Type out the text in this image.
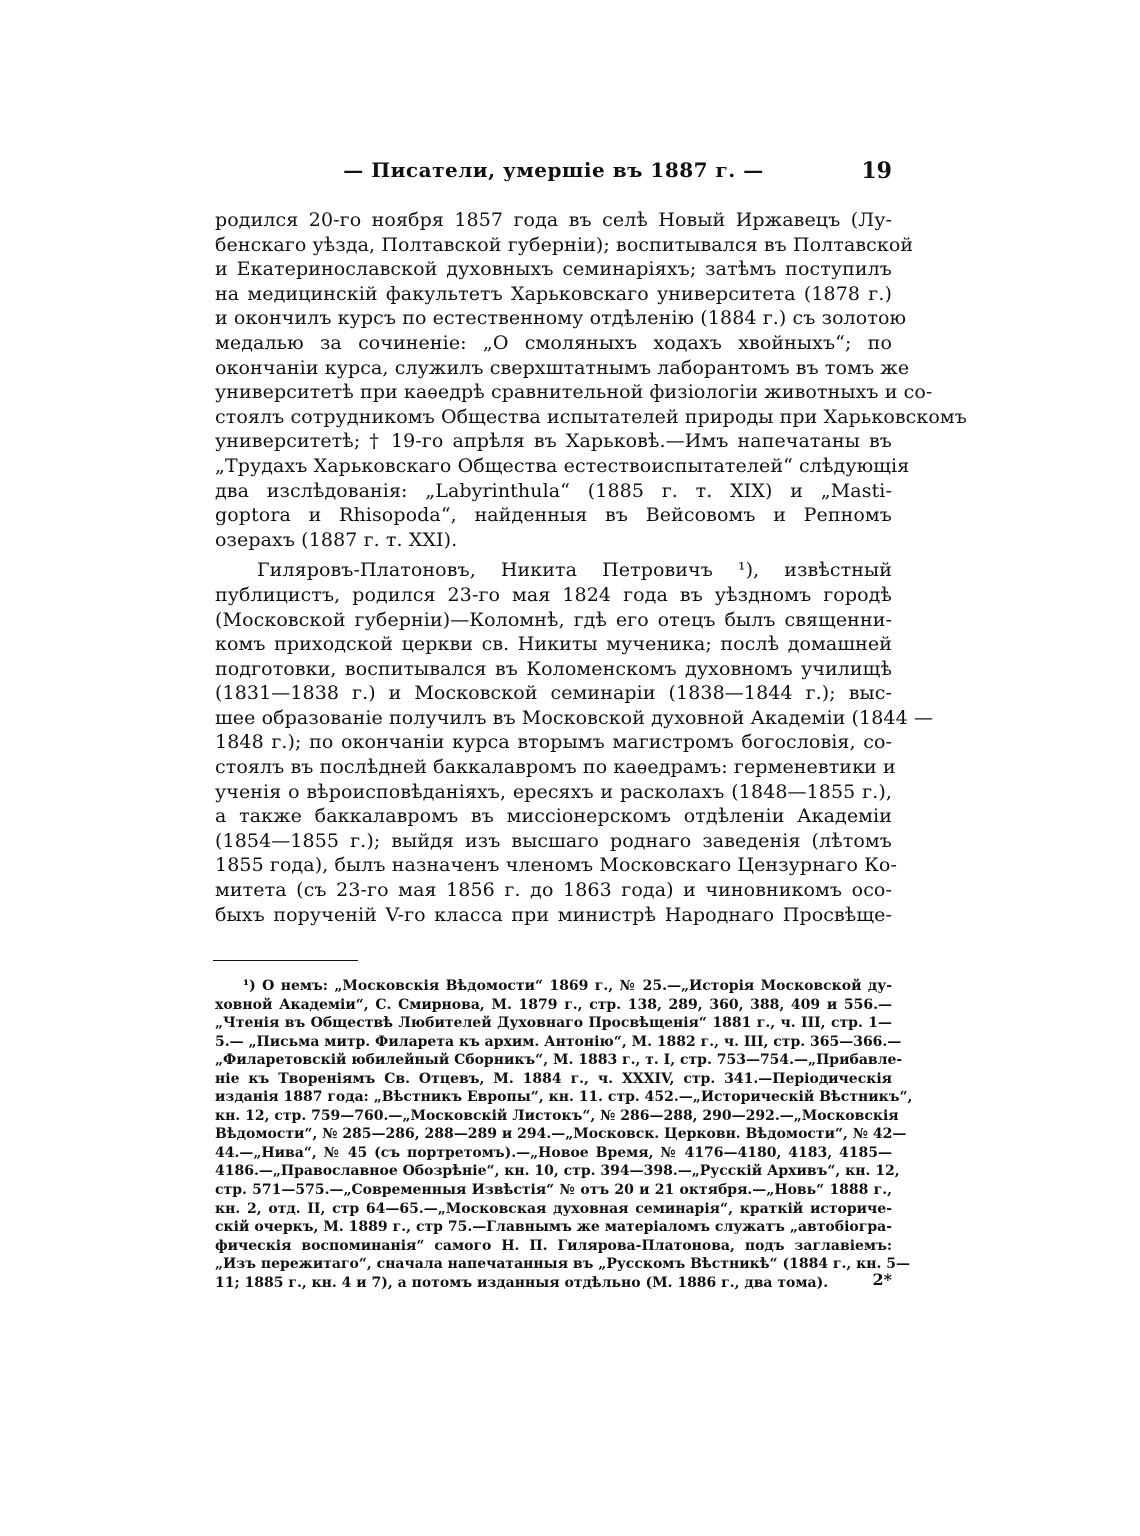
— Писатели, умершіе въ 1887 г. —	19
родился 20-го ноября 1857 года въ селѣ Новый Иржавецъ (Лу-
бенскаго уѣзда, Полтавской губерніи); воспитывался въ Полтавской
и Екатеринославской духовныхъ семинаріяхъ; затѣмъ поступилъ
на медицинскій факультетъ Харьковскаго университета (1878 г.)
и окончилъ курсъ по естественному отдѣленію (1884 г.) съ золотою
медалью за сочиненіе: „О смоляныхъ ходахъ хвойныхъ“; по
окончаніи курса, служилъ сверхштатнымъ лаборантомъ въ томъ же
университетѣ при каѳедрѣ сравнительной физіологіи животныхъ и со-
стоялъ сотрудникомъ Общества испытателей природы при Харьковскомъ
университетѣ; † 19-го апрѣля въ Харьковѣ.—Имъ напечатаны въ
„Трудахъ Харьковскаго Общества естествоиспытателей“ слѣдующія
два изслѣдованія: „Labyrinthula“ (1885 г. т. XIX) и „Masti-
goptora и Rhisopoda“, найденныя въ Вейсовомъ и Репномъ
озерахъ (1887 г. т. XXI).
Гиляровъ-Платоновъ, Никита Петровичъ ¹), извѣстный
публицистъ, родился 23-го мая 1824 года въ уѣздномъ городѣ
(Московской губерніи)—Коломнѣ, гдѣ его отецъ былъ священни-
комъ приходской церкви св. Никиты мученика; послѣ домашней
подготовки, воспитывался въ Коломенскомъ духовномъ училищѣ
(1831—1838 г.) и Московской семинаріи (1838—1844 г.); выс-
шее образованіе получилъ въ Московской духовной Академіи (1844 —
1848 г.); по окончаніи курса вторымъ магистромъ богословія, со-
стоялъ въ послѣдней баккалавромъ по каѳедрамъ: герменевтики и
ученія о вѣроисповѣданіяхъ, ересяхъ и расколахъ (1848—1855 г.),
а также баккалавромъ въ миссіонерскомъ отдѣленіи Академіи
(1854—1855 г.); выйдя изъ высшаго роднаго заведенія (лѣтомъ
1855 года), былъ назначенъ членомъ Московскаго Цензурнаго Ко-
митета (съ 23-го мая 1856 г. до 1863 года) и чиновникомъ осо-
быхъ порученій V-го класса при министрѣ Народнаго Просвѣще-
¹) О немъ: „Московскія Вѣдомости“ 1869 г., № 25.—„Исторія Московской ду-
ховной Академіи“, С. Смирнова, М. 1879 г., стр. 138, 289, 360, 388, 409 и 556.—
„Чтенія въ Обществѣ Любителей Духовнаго Просвѣщенія“ 1881 г., ч. III, стр. 1—
5.— „Письма митр. Филарета къ архим. Антонію“, М. 1882 г., ч. III, стр. 365—366.—
„Филаретовскій юбилейный Сборникъ“, М. 1883 г., т. I, стр. 753—754.—„Прибавле-
ніе къ Твореніямъ Св. Отцевъ, М. 1884 г., ч. XXXIV, стр. 341.—Періодическія
изданія 1887 года: „Вѣстникъ Европы“, кн. 11. стр. 452.—„Историческій Вѣстникъ“,
кн. 12, стр. 759—760.—„Московскій Листокъ“, № 286—288, 290—292.—„Московскія
Вѣдомости“, № 285—286, 288—289 и 294.—„Московск. Церковн. Вѣдомости“, № 42—
44.—„Нива“, № 45 (съ портретомъ).—„Новое Время, № 4176—4180, 4183, 4185—
4186.—„Православное Обозрѣніе“, кн. 10, стр. 394—398.—„Русскій Архивъ“, кн. 12,
стр. 571—575.—„Современныя Извѣстія“ № отъ 20 и 21 октября.—„Новь“ 1888 г.,
кн. 2, отд. II, стр 64—65.—„Московская духовная семинарія“, краткій историче-
скій очеркъ, М. 1889 г., стр 75.—Главнымъ же матеріаломъ служатъ „автобіогра-
фическія воспоминанія“ самого Н. П. Гилярова-Платонова, подъ заглавіемъ:
„Изъ пережитаго“, сначала напечатанныя въ „Русскомъ Вѣстникѣ“ (1884 г., кн. 5—
11; 1885 г., кн. 4 и 7), а потомъ изданныя отдѣльно (М. 1886 г., два тома).	2*
